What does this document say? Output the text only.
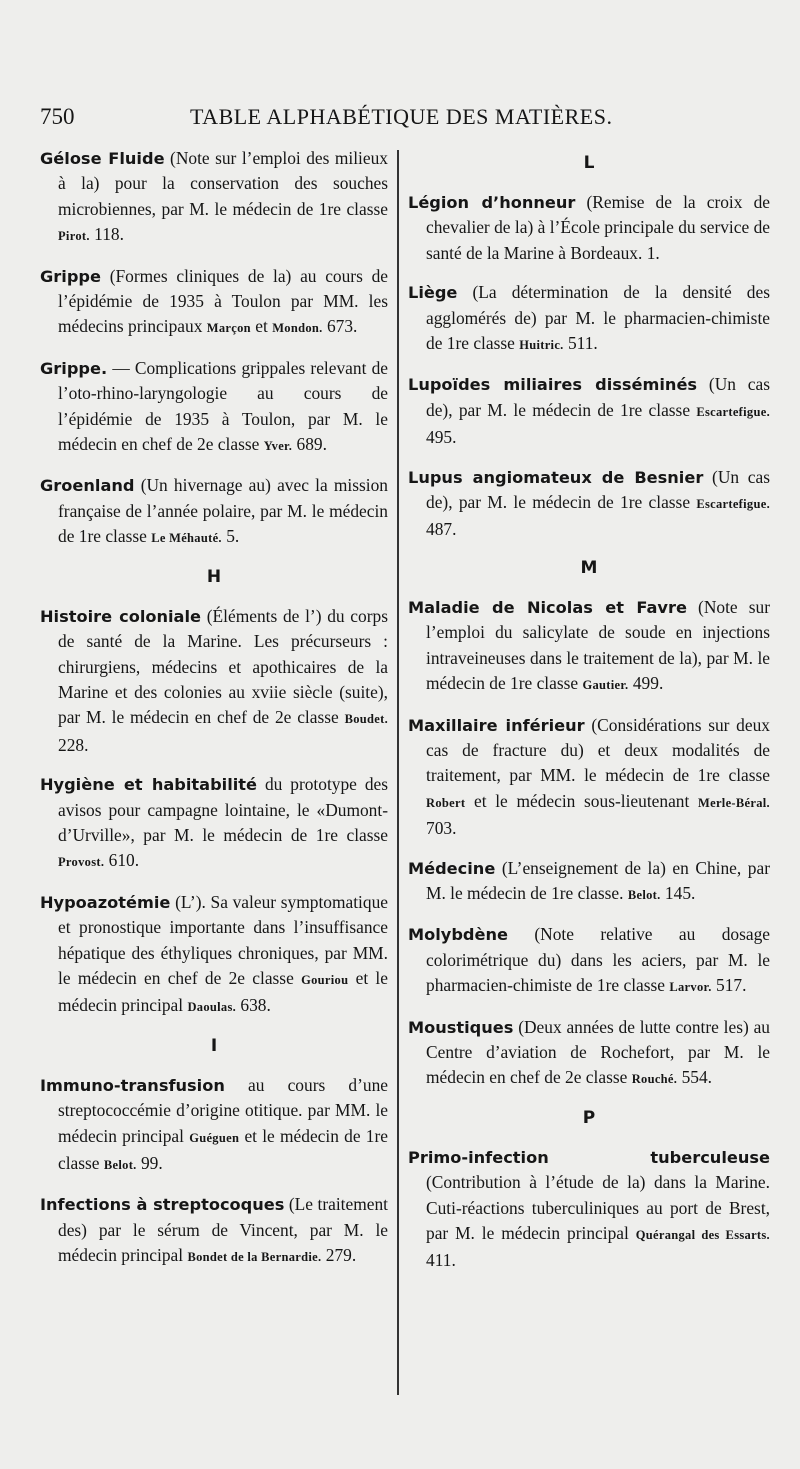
750	TABLE ALPHABÉTIQUE DES MATIÈRES.

Gélose Fluide (Note sur l’emploi des milieux à la) pour la conservation des souches microbiennes, par M. le médecin de 1re classe Pirot. 118.

Grippe (Formes cliniques de la) au cours de l’épidémie de 1935 à Toulon par MM. les médecins principaux Marçon et Mondon. 673.

Grippe. — Complications grippales relevant de l’oto-rhino-laryngologie au cours de l’épidémie de 1935 à Toulon, par M. le médecin en chef de 2e classe Yver. 689.

Groenland (Un hivernage au) avec la mission française de l’année polaire, par M. le médecin de 1re classe Le Méhauté. 5.

H

Histoire coloniale (Éléments de l’) du corps de santé de la Marine. Les précurseurs : chirurgiens, médecins et apothicaires de la Marine et des colonies au xviie siècle (suite), par M. le médecin en chef de 2e classe Boudet. 228.

Hygiène et habitabilité du prototype des avisos pour campagne lointaine, le «Dumont-d’Urville», par M. le médecin de 1re classe Provost. 610.

Hypoazotémie (L’). Sa valeur symptomatique et pronostique importante dans l’insuffisance hépatique des éthyliques chroniques, par MM. le médecin en chef de 2e classe Gouriou et le médecin principal Daoulas. 638.

I

Immuno-transfusion au cours d’une streptococcémie d’origine otitique. par MM. le médecin principal Guéguen et le médecin de 1re classe Belot. 99.

Infections à streptocoques (Le traitement des) par le sérum de Vincent, par M. le médecin principal Bondet de la Bernardie. 279.

L

Légion d’honneur (Remise de la croix de chevalier de la) à l’École principale du service de santé de la Marine à Bordeaux. 1.

Liège (La détermination de la densité des agglomérés de) par M. le pharmacien-chimiste de 1re classe Huitric. 511.

Lupoïdes miliaires disséminés (Un cas de), par M. le médecin de 1re classe Escartefigue. 495.

Lupus angiomateux de Besnier (Un cas de), par M. le médecin de 1re classe Escartefigue. 487.

M

Maladie de Nicolas et Favre (Note sur l’emploi du salicylate de soude en injections intraveineuses dans le traitement de la), par M. le médecin de 1re classe Gautier. 499.

Maxillaire inférieur (Considérations sur deux cas de fracture du) et deux modalités de traitement, par MM. le médecin de 1re classe Robert et le médecin sous-lieutenant Merle-Béral. 703.

Médecine (L’enseignement de la) en Chine, par M. le médecin de 1re classe. Belot. 145.

Molybdène (Note relative au dosage colorimétrique du) dans les aciers, par M. le pharmacien-chimiste de 1re classe Larvor. 517.

Moustiques (Deux années de lutte contre les) au Centre d’aviation de Rochefort, par M. le médecin en chef de 2e classe Rouché. 554.

P

Primo-infection tuberculeuse (Contribution à l’étude de la) dans la Marine. Cuti-réactions tuberculiniques au port de Brest, par M. le médecin principal Quérangal des Essarts. 411.
